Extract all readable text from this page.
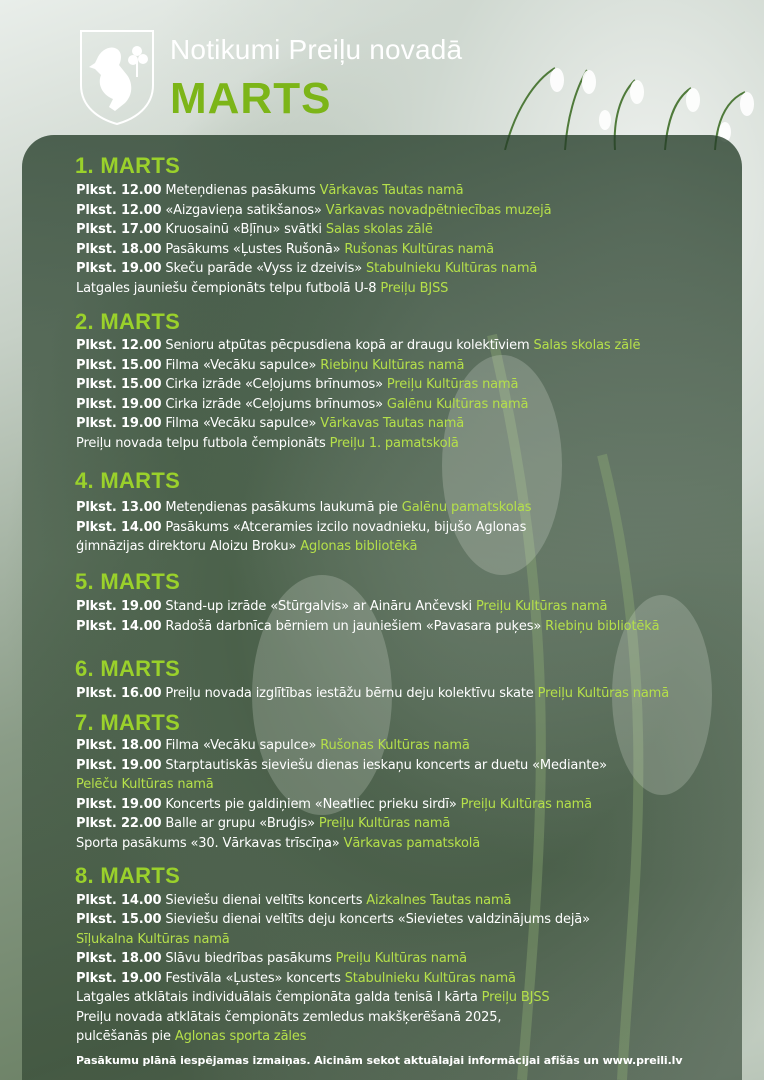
Notikumi Preiļu novadā
MARTS
1. MARTS
Plkst. 12.00 Meteņdienas pasākums Vārkavas Tautas namā
Plkst. 12.00 «Aizgavieņa satikšanos» Vārkavas novadpētniecības muzejā
Plkst. 17.00 Kruosainū «Bļīnu» svātki Salas skolas zālē
Plkst. 18.00 Pasākums «Ļustes Rušonā» Rušonas Kultūras namā
Plkst. 19.00 Skeču parāde «Vyss iz dzeivis» Stabulnieku Kultūras namā
Latgales jauniešu čempionāts telpu futbolā U-8 Preiļu BJSS
2. MARTS
Plkst. 12.00 Senioru atpūtas pēcpusdiena kopā ar draugu kolektīviem Salas skolas zālē
Plkst. 15.00 Filma «Vecāku sapulce» Riebiņu Kultūras namā
Plkst. 15.00 Cirka izrāde «Ceļojums brīnumos» Preiļu Kultūras namā
Plkst. 19.00 Cirka izrāde «Ceļojums brīnumos» Galēnu Kultūras namā
Plkst. 19.00 Filma «Vecāku sapulce» Vārkavas Tautas namā
Preiļu novada telpu futbola čempionāts Preiļu 1. pamatskolā
4. MARTS
Plkst. 13.00 Meteņdienas pasākums laukumā pie Galēnu pamatskolas
Plkst. 14.00 Pasākums «Atceramies izcilo novadnieku, bijušo Aglonas
ģimnāzijas direktoru Aloizu Broku» Aglonas bibliotēkā
5. MARTS
Plkst. 19.00 Stand-up izrāde «Stūrgalvis» ar Aināru Ančevski Preiļu Kultūras namā
Plkst. 14.00 Radošā darbnīca bērniem un jauniešiem «Pavasara puķes» Riebiņu bibliotēkā
6. MARTS
Plkst. 16.00 Preiļu novada izglītības iestāžu bērnu deju kolektīvu skate Preiļu Kultūras namā
7. MARTS
Plkst. 18.00 Filma «Vecāku sapulce» Rušonas Kultūras namā
Plkst. 19.00 Starptautiskās sieviešu dienas ieskaņu koncerts ar duetu «Mediante»
Pelēču Kultūras namā
Plkst. 19.00 Koncerts pie galdiņiem «Neatliec prieku sirdī» Preiļu Kultūras namā
Plkst. 22.00 Balle ar grupu «Bruģis» Preiļu Kultūras namā
Sporta pasākums «30. Vārkavas trīscīņa» Vārkavas pamatskolā
8. MARTS
Plkst. 14.00 Sieviešu dienai veltīts koncerts Aizkalnes Tautas namā
Plkst. 15.00 Sieviešu dienai veltīts deju koncerts «Sievietes valdzinājums dejā»
Sīļukalna Kultūras namā
Plkst. 18.00 Slāvu biedrības pasākums Preiļu Kultūras namā
Plkst. 19.00 Festivāla «Ļustes» koncerts Stabulnieku Kultūras namā
Latgales atklātais individuālais čempionāta galda tenisā I kārta Preiļu BJSS
Preiļu novada atklātais čempionāts zemledus makšķerēšanā 2025,
pulcēšanās pie Aglonas sporta zāles
Pasākumu plānā iespējamas izmaiņas. Aicinām sekot aktuālajai informācijai afišās un www.preili.lv
